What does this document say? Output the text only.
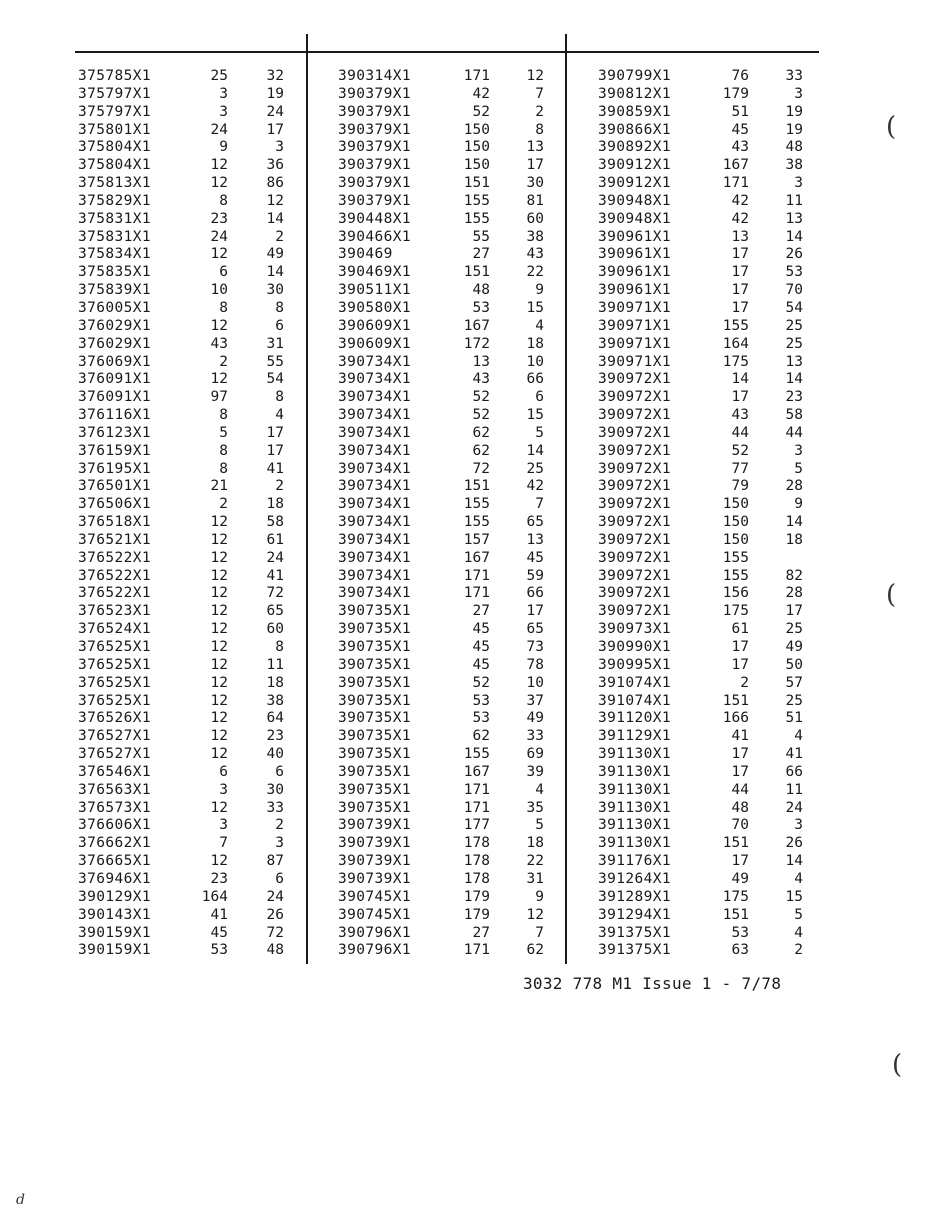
375785X1	25	32
375797X1	3	19
375797X1	3	24
375801X1	24	17
375804X1	9	3
375804X1	12	36
375813X1	12	86
375829X1	8	12
375831X1	23	14
375831X1	24	2
375834X1	12	49
375835X1	6	14
375839X1	10	30
376005X1	8	8
376029X1	12	6
376029X1	43	31
376069X1	2	55
376091X1	12	54
376091X1	97	8
376116X1	8	4
376123X1	5	17
376159X1	8	17
376195X1	8	41
376501X1	21	2
376506X1	2	18
376518X1	12	58
376521X1	12	61
376522X1	12	24
376522X1	12	41
376522X1	12	72
376523X1	12	65
376524X1	12	60
376525X1	12	8
376525X1	12	11
376525X1	12	18
376525X1	12	38
376526X1	12	64
376527X1	12	23
376527X1	12	40
376546X1	6	6
376563X1	3	30
376573X1	12	33
376606X1	3	2
376662X1	7	3
376665X1	12	87
376946X1	23	6
390129X1	164	24
390143X1	41	26
390159X1	45	72
390159X1	53	48
390314X1	171	12
390379X1	42	7
390379X1	52	2
390379X1	150	8
390379X1	150	13
390379X1	150	17
390379X1	151	30
390379X1	155	81
390448X1	155	60
390466X1	55	38
390469	27	43
390469X1	151	22
390511X1	48	9
390580X1	53	15
390609X1	167	4
390609X1	172	18
390734X1	13	10
390734X1	43	66
390734X1	52	6
390734X1	52	15
390734X1	62	5
390734X1	62	14
390734X1	72	25
390734X1	151	42
390734X1	155	7
390734X1	155	65
390734X1	157	13
390734X1	167	45
390734X1	171	59
390734X1	171	66
390735X1	27	17
390735X1	45	65
390735X1	45	73
390735X1	45	78
390735X1	52	10
390735X1	53	37
390735X1	53	49
390735X1	62	33
390735X1	155	69
390735X1	167	39
390735X1	171	4
390735X1	171	35
390739X1	177	5
390739X1	178	18
390739X1	178	22
390739X1	178	31
390745X1	179	9
390745X1	179	12
390796X1	27	7
390796X1	171	62
390799X1	76	33
390812X1	179	3
390859X1	51	19
390866X1	45	19
390892X1	43	48
390912X1	167	38
390912X1	171	3
390948X1	42	11
390948X1	42	13
390961X1	13	14
390961X1	17	26
390961X1	17	53
390961X1	17	70
390971X1	17	54
390971X1	155	25
390971X1	164	25
390971X1	175	13
390972X1	14	14
390972X1	17	23
390972X1	43	58
390972X1	44	44
390972X1	52	3
390972X1	77	5
390972X1	79	28
390972X1	150	9
390972X1	150	14
390972X1	150	18
390972X1	155
390972X1	155	82
390972X1	156	28
390972X1	175	17
390973X1	61	25
390990X1	17	49
390995X1	17	50
391074X1	2	57
391074X1	151	25
391120X1	166	51
391129X1	41	4
391130X1	17	41
391130X1	17	66
391130X1	44	11
391130X1	48	24
391130X1	70	3
391130X1	151	26
391176X1	17	14
391264X1	49	4
391289X1	175	15
391294X1	151	5
391375X1	53	4
391375X1	63	2
3032 778 M1 Issue 1 - 7/78
(
(
(
d
